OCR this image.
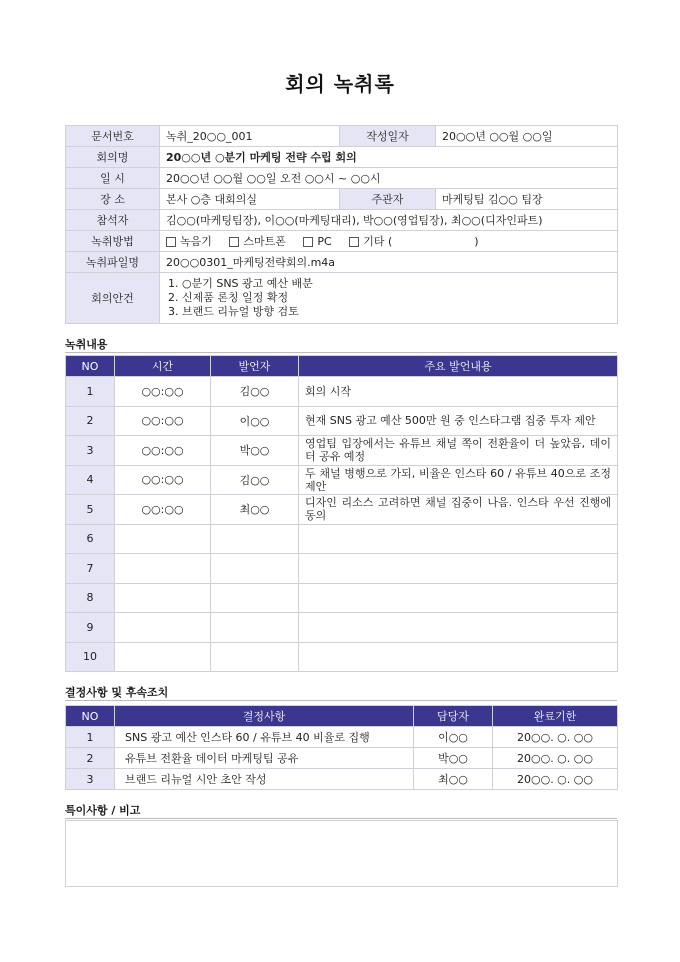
회의 녹취록
문서번호	녹취_20○○_001	작성일자	20○○년 ○○월 ○○일
회의명	20○○년 ○분기 마케팅 전략 수립 회의		
일 시	20○○년 ○○월 ○○일 오전 ○○시 ~ ○○시		
장 소	본사 ○층 대회의실	주관자	마케팅팀 김○○ 팀장
참석자	김○○(마케팅팀장), 이○○(마케팅대리), 박○○(영업팀장), 최○○(디자인파트)		
녹취방법	녹음기 스마트폰 PC 기타 ( )		
녹취파일명	20○○0301_마케팅전략회의.m4a		
회의안건	1. ○분기 SNS 광고 예산 배분
2. 신제품 론칭 일정 확정
3. 브랜드 리뉴얼 방향 검토		
녹취내용
NO	시간	발언자	주요 발언내용
1	○○:○○	김○○	회의 시작
2	○○:○○	이○○	현재 SNS 광고 예산 500만 원 중 인스타그램 집중 투자 제안
3	○○:○○	박○○	영업팀 입장에서는 유튜브 채널 쪽이 전환율이 더 높았음, 데이터 공유 예정
4	○○:○○	김○○	두 채널 병행으로 가되, 비율은 인스타 60 / 유튜브 40으로 조정 제안
5	○○:○○	최○○	디자인 리소스 고려하면 채널 집중이 나음. 인스타 우선 진행에 동의
6			
7			
8			
9			
10			
결정사항 및 후속조치
NO	결정사항	담당자	완료기한
1	SNS 광고 예산 인스타 60 / 유튜브 40 비율로 집행	이○○	20○○. ○. ○○
2	유튜브 전환율 데이터 마케팅팀 공유	박○○	20○○. ○. ○○
3	브랜드 리뉴얼 시안 초안 작성	최○○	20○○. ○. ○○
특이사항 / 비고
